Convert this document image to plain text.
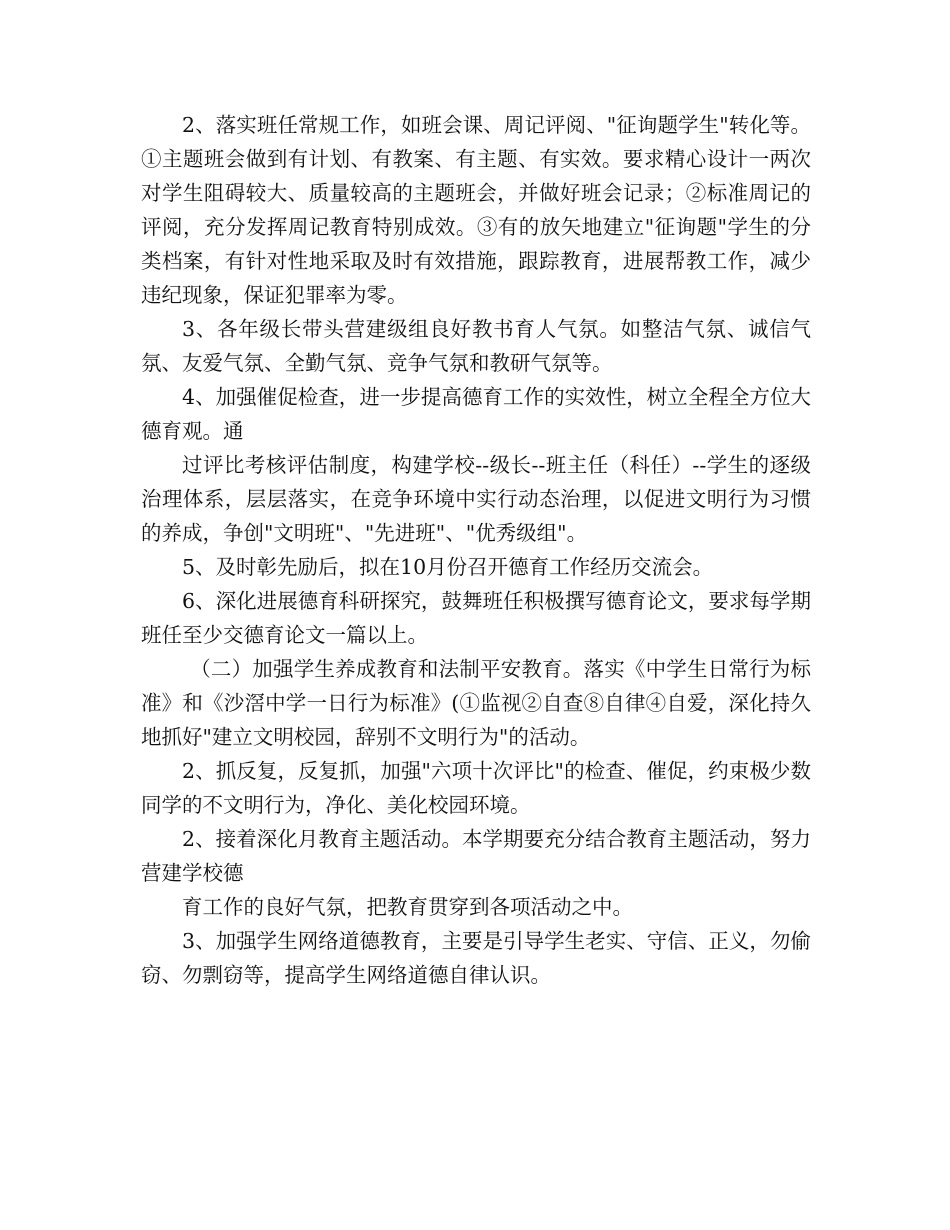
2、落实班任常规工作，如班会课、周记评阅、"征询题学生"转化等。①主题班会做到有计划、有教案、有主题、有实效。要求精心设计一两次对学生阻碍较大、质量较高的主题班会，并做好班会记录；②标准周记的评阅，充分发挥周记教育特别成效。③有的放矢地建立"征询题"学生的分类档案，有针对性地采取及时有效措施，跟踪教育，进展帮教工作，减少违纪现象，保证犯罪率为零。

3、各年级长带头营建级组良好教书育人气氛。如整洁气氛、诚信气氛、友爱气氛、全勤气氛、竞争气氛和教研气氛等。

4、加强催促检查，进一步提高德育工作的实效性，树立全程全方位大德育观。通

过评比考核评估制度，构建学校--级长--班主任（科任）--学生的逐级治理体系，层层落实，在竞争环境中实行动态治理，以促进文明行为习惯的养成，争创"文明班"、"先进班"、"优秀级组"。

5、及时彰先励后，拟在10月份召开德育工作经历交流会。

6、深化进展德育科研探究，鼓舞班任积极撰写德育论文，要求每学期班任至少交德育论文一篇以上。

（二）加强学生养成教育和法制平安教育。落实《中学生日常行为标准》和《沙滘中学一日行为标准》(①监视②自查⑧自律④自爱，深化持久地抓好"建立文明校园，辞别不文明行为"的活动。

2、抓反复，反复抓，加强"六项十次评比"的检查、催促，约束极少数同学的不文明行为，净化、美化校园环境。

2、接着深化月教育主题活动。本学期要充分结合教育主题活动，努力营建学校德

育工作的良好气氛，把教育贯穿到各项活动之中。

3、加强学生网络道德教育，主要是引导学生老实、守信、正义，勿偷窃、勿剽窃等，提高学生网络道德自律认识。
